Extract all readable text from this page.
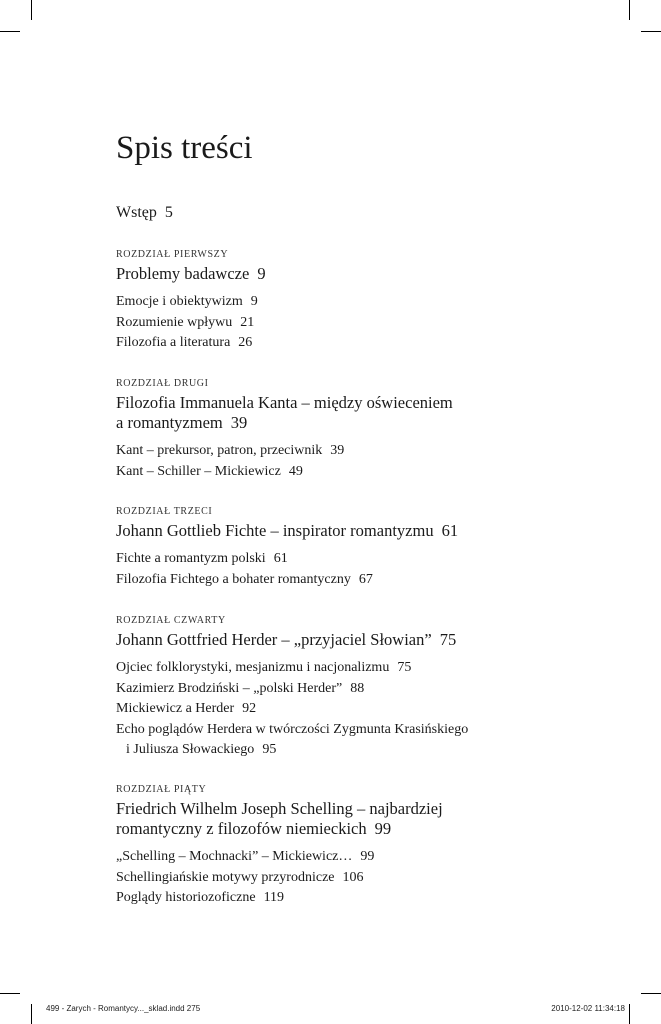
Spis treści
Wstęp 5
ROZDZIAŁ PIERWSZY
Problemy badawcze 9
Emocje i obiektywizm 9
Rozumienie wpływu 21
Filozofia a literatura 26
ROZDZIAŁ DRUGI
Filozofia Immanuela Kanta – między oświeceniem
a romantyzmem 39
Kant – prekursor, patron, przeciwnik 39
Kant – Schiller – Mickiewicz 49
ROZDZIAŁ TRZECI
Johann Gottlieb Fichte – inspirator romantyzmu 61
Fichte a romantyzm polski 61
Filozofia Fichtego a bohater romantyczny 67
ROZDZIAŁ CZWARTY
Johann Gottfried Herder – „przyjaciel Słowian” 75
Ojciec folklorystyki, mesjanizmu i nacjonalizmu 75
Kazimierz Brodziński – „polski Herder” 88
Mickiewicz a Herder 92
Echo poglądów Herdera w twórczości Zygmunta Krasińskiego
i Juliusza Słowackiego 95
ROZDZIAŁ PIĄTY
Friedrich Wilhelm Joseph Schelling – najbardziej
romantyczny z filozofów niemieckich 99
„Schelling – Mochnacki” – Mickiewicz… 99
Schellingiańskie motywy przyrodnicze 106
Poglądy historiozoficzne 119
499 - Zarych - Romantycy..._sklad.indd 275	2010-12-02 11:34:18
